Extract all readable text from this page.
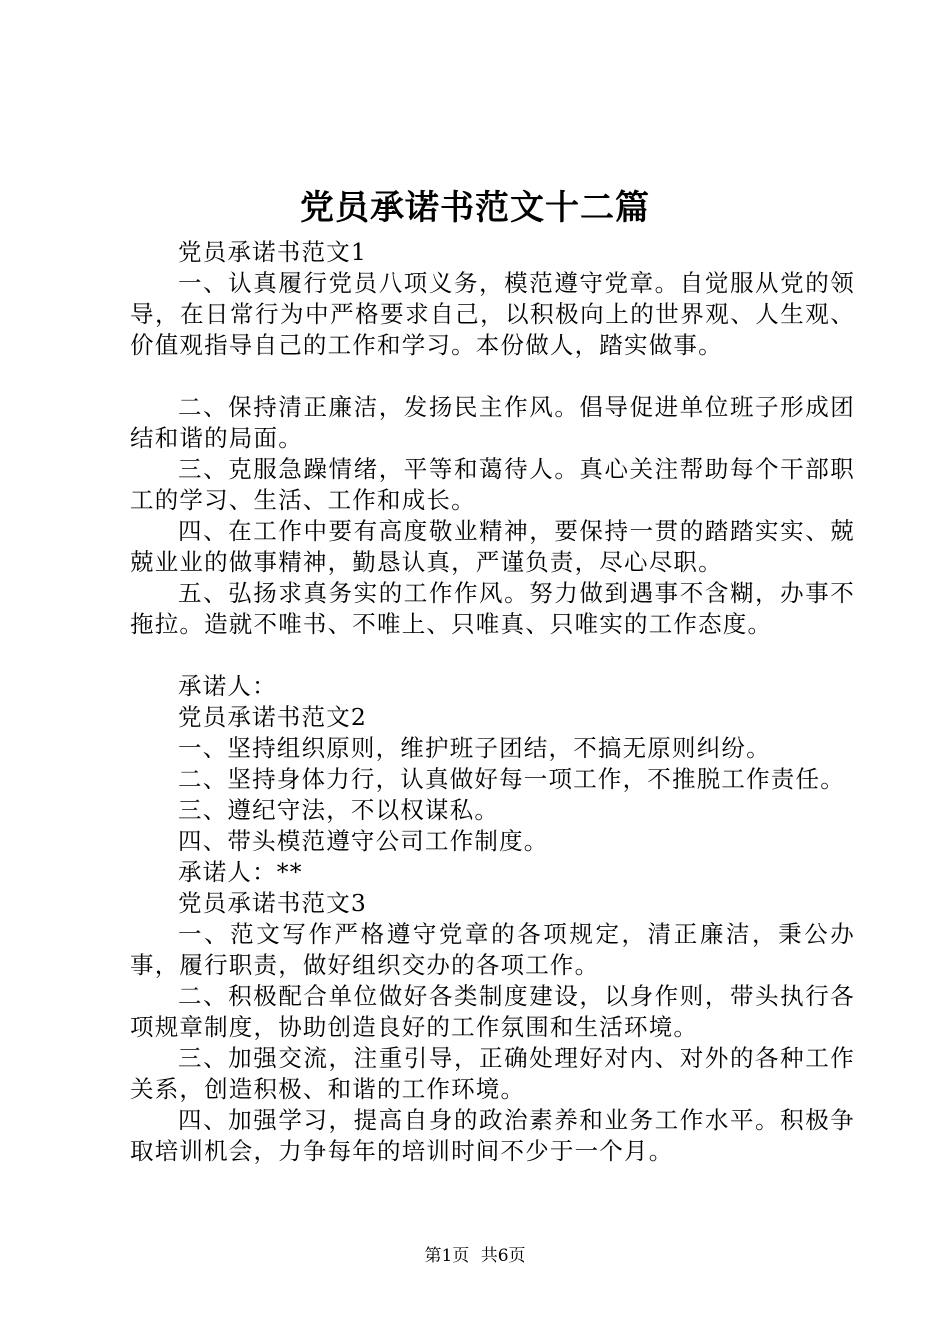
党员承诺书范文十二篇

党员承诺书范文1

一、认真履行党员八项义务，模范遵守党章。自觉服从党的领导，在日常行为中严格要求自己，以积极向上的世界观、人生观、价值观指导自己的工作和学习。本份做人，踏实做事。

二、保持清正廉洁，发扬民主作风。倡导促进单位班子形成团结和谐的局面。

三、克服急躁情绪，平等和蔼待人。真心关注帮助每个干部职工的学习、生活、工作和成长。

四、在工作中要有高度敬业精神，要保持一贯的踏踏实实、兢兢业业的做事精神，勤恳认真，严谨负责，尽心尽职。

五、弘扬求真务实的工作作风。努力做到遇事不含糊，办事不拖拉。造就不唯书、不唯上、只唯真、只唯实的工作态度。

承诺人：

党员承诺书范文2

一、坚持组织原则，维护班子团结，不搞无原则纠纷。

二、坚持身体力行，认真做好每一项工作，不推脱工作责任。

三、遵纪守法，不以权谋私。

四、带头模范遵守公司工作制度。

承诺人：**

党员承诺书范文3

一、范文写作严格遵守党章的各项规定，清正廉洁，秉公办事，履行职责，做好组织交办的各项工作。

二、积极配合单位做好各类制度建设，以身作则，带头执行各项规章制度，协助创造良好的工作氛围和生活环境。

三、加强交流，注重引导，正确处理好对内、对外的各种工作关系，创造积极、和谐的工作环境。

四、加强学习，提高自身的政治素养和业务工作水平。积极争取培训机会，力争每年的培训时间不少于一个月。

第1页 共6页
